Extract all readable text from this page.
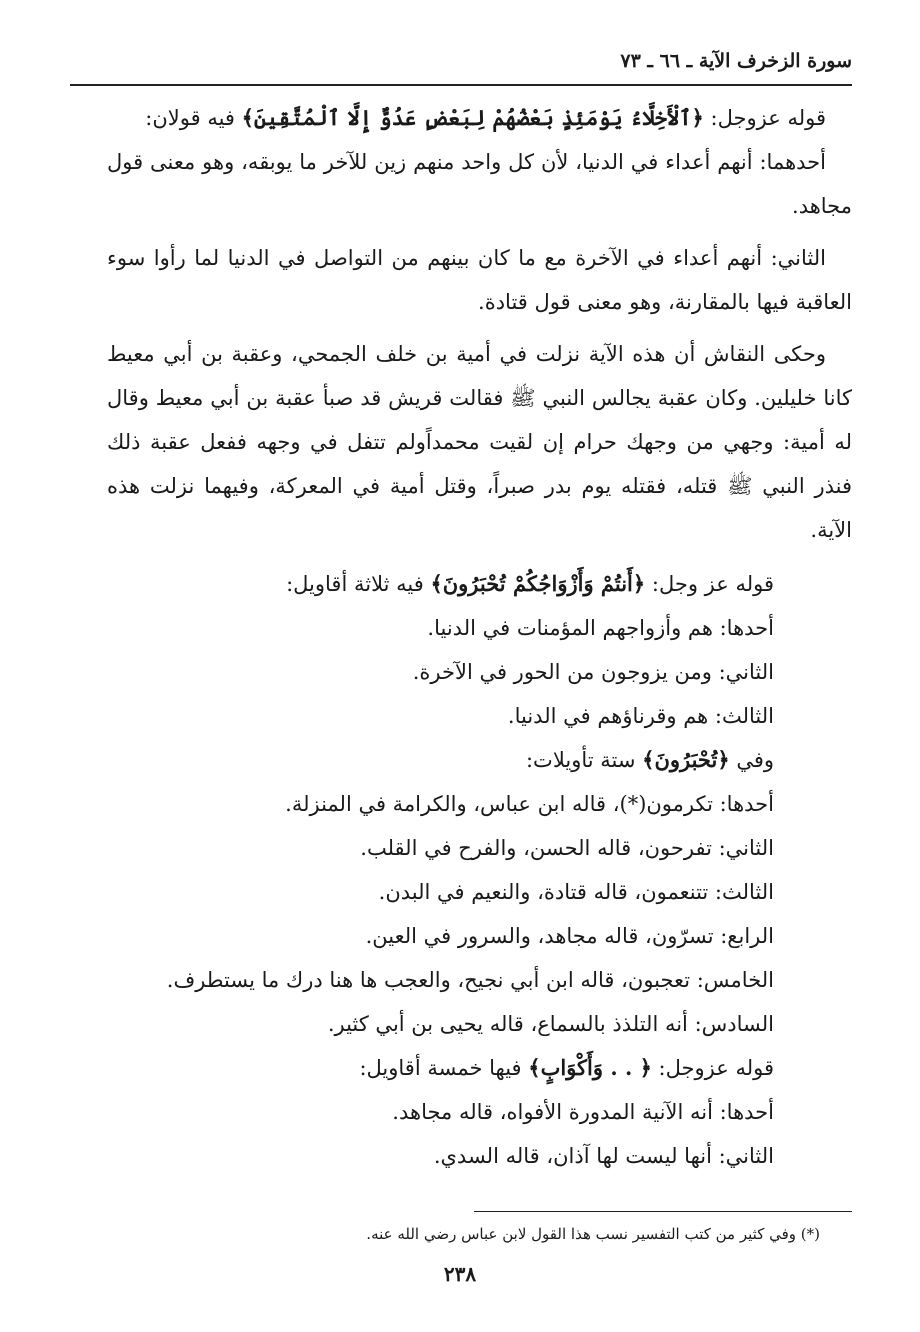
سورة الزخرف الآية ـ ٦٦ ـ ٧٣

قوله عزوجل: ﴿ٱلْأَخِلَّاءُ يَوْمَئِذٍ بَعْضُهُمْ لِبَعْضٍ عَدُوٌّ إِلَّا ٱلْمُتَّقِينَ﴾ فيه قولان:

أحدهما: أنهم أعداء في الدنيا، لأن كل واحد منهم زين للآخر ما يوبقه، وهو معنى قول مجاهد.

الثاني: أنهم أعداء في الآخرة مع ما كان بينهم من التواصل في الدنيا لما رأوا سوء العاقبة فيها بالمقارنة، وهو معنى قول قتادة.

وحكى النقاش أن هذه الآية نزلت في أمية بن خلف الجمحي، وعقبة بن أبي معيط كانا خليلين. وكان عقبة يجالس النبي ﷺ فقالت قريش قد صبأ عقبة بن أبي معيط وقال له أمية: وجهي من وجهك حرام إن لقيت محمداًولم تتفل في وجهه ففعل عقبة ذلك فنذر النبي ﷺ قتله، فقتله يوم بدر صبراً، وقتل أمية في المعركة، وفيهما نزلت هذه الآية.

قوله عز وجل: ﴿أَنتُمْ وَأَزْوَاجُكُمْ تُحْبَرُونَ﴾ فيه ثلاثة أقاويل:

أحدها: هم وأزواجهم المؤمنات في الدنيا.

الثاني: ومن يزوجون من الحور في الآخرة.

الثالث: هم وقرناؤهم في الدنيا.

وفي ﴿تُحْبَرُونَ﴾ ستة تأويلات:

أحدها: تكرمون(*)، قاله ابن عباس، والكرامة في المنزلة.

الثاني: تفرحون، قاله الحسن، والفرح في القلب.

الثالث: تتنعمون، قاله قتادة، والنعيم في البدن.

الرابع: تسرّون، قاله مجاهد، والسرور في العين.

الخامس: تعجبون، قاله ابن أبي نجيح، والعجب ها هنا درك ما يستطرف.

السادس: أنه التلذذ بالسماع، قاله يحيى بن أبي كثير.

قوله عزوجل: ﴿ . . وَأَكْوَابٍ﴾ فيها خمسة أقاويل:

أحدها: أنه الآنية المدورة الأفواه، قاله مجاهد.

الثاني: أنها ليست لها آذان، قاله السدي.

(*) وفي كثير من كتب التفسير نسب هذا القول لابن عباس رضي الله عنه.
٢٣٨
